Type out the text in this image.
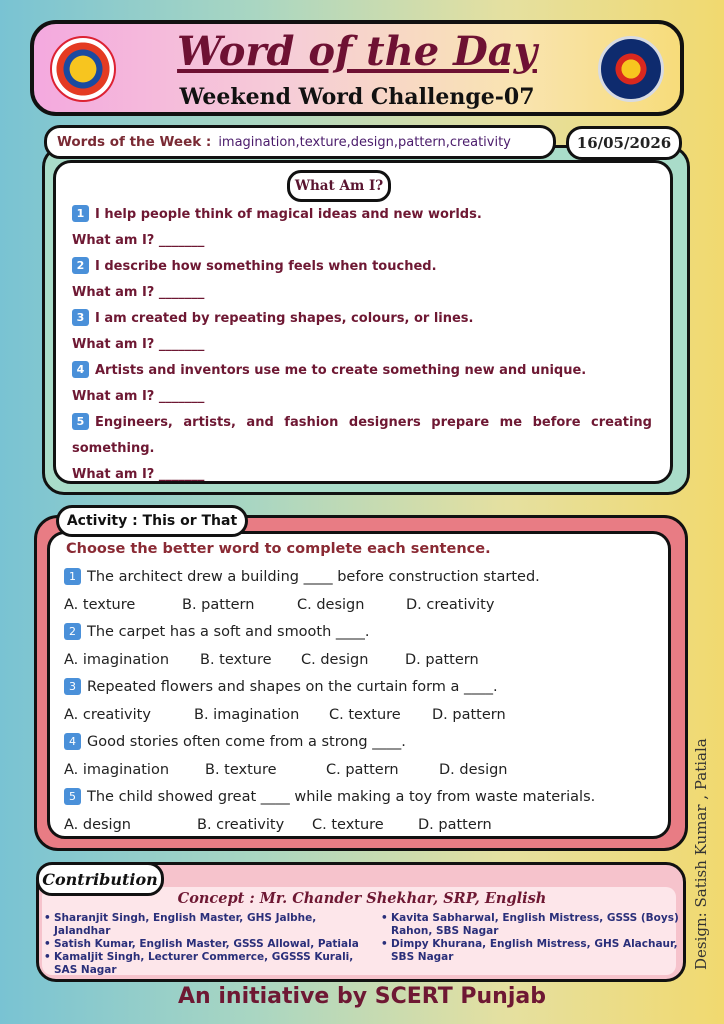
Word of the Day
Weekend Word Challenge-07
Words of the Week : imagination,texture,design,pattern,creativity	16/05/2026
What Am I?
1 I help people think of magical ideas and new worlds.
What am I? _______
2 I describe how something feels when touched.
What am I? _______
3 I am created by repeating shapes, colours, or lines.
What am I? _______
4 Artists and inventors use me to create something new and unique.
What am I? _______
5 Engineers, artists, and fashion designers prepare me before creating something.
What am I? _______
Activity : This or That
Choose the better word to complete each sentence.
1 The architect drew a building ____ before construction started.
A. texture	B. pattern	C. design	D. creativity
2 The carpet has a soft and smooth ____.
A. imagination B. texture C. design	D. pattern
3 Repeated flowers and shapes on the curtain form a ____.
A. creativity	B. imagination C. texture D. pattern
4 Good stories often come from a strong ____.
A. imagination B. texture	C. pattern	D. design
5 The child showed great ____ while making a toy from waste materials.
A. design	B. creativity C. texture D. pattern
Contribution
Concept : Mr. Chander Shekhar, SRP, English
• Sharanjit Singh, English Master, GHS Jalbhe, Jalandhar
• Satish Kumar, English Master, GSSS Allowal, Patiala
• Kamaljit Singh, Lecturer Commerce, GGSSS Kurali, SAS Nagar
• Kavita Sabharwal, English Mistress, GSSS (Boys) Rahon, SBS Nagar
• Dimpy Khurana, English Mistress, GHS Alachaur, SBS Nagar
An initiative by SCERT Punjab
Design: Satish Kumar , Patiala
